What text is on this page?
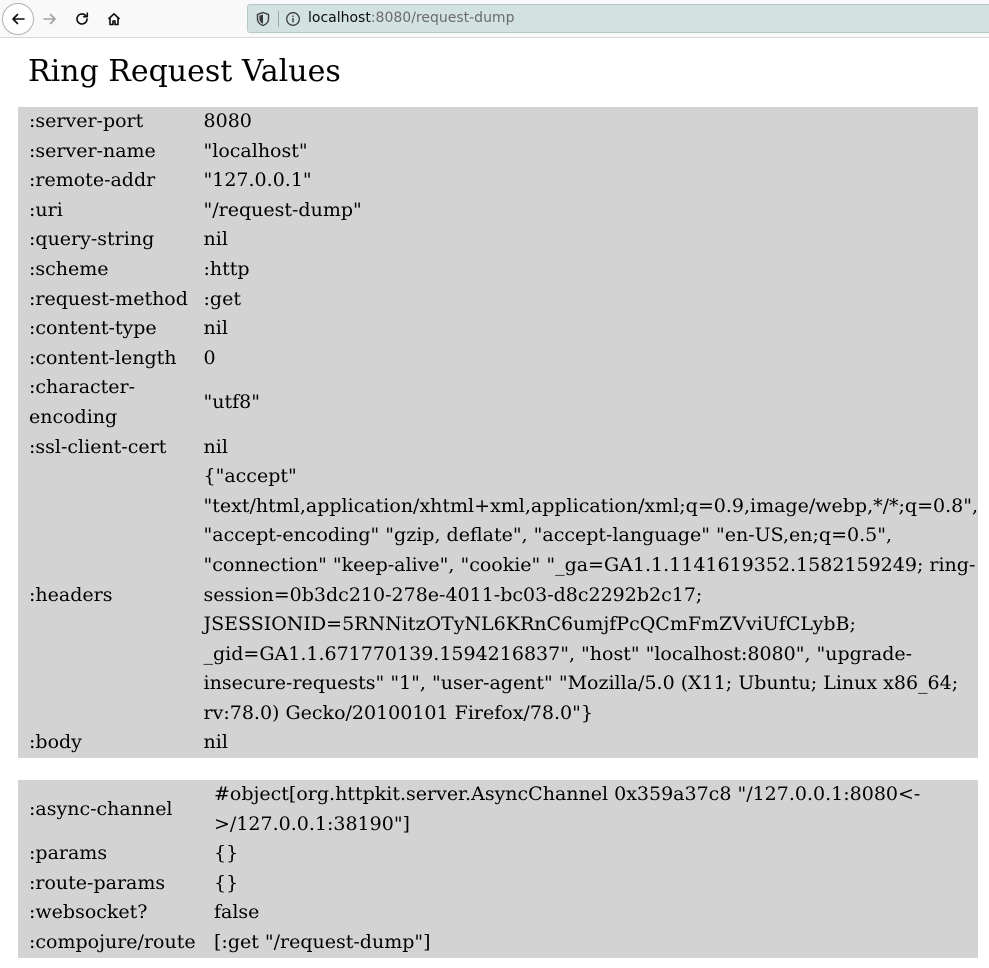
localhost:8080/request-dump
Ring Request Values
:server-port	8080
:server-name	"localhost"
:remote-addr	"127.0.0.1"
:uri	"/request-dump"
:query-string	nil
:scheme	:http
:request-method	:get
:content-type	nil
:content-length	0
:character-encoding	"utf8"
:ssl-client-cert	nil
:headers	{"accept" "text/html,application/xhtml+xml,application/xml;q=0.9,image/webp,*/*;q=0.8", "accept-encoding" "gzip, deflate", "accept-language" "en-US,en;q=0.5", "connection" "keep-alive", "cookie" "_ga=GA1.1.1141619352.1582159249; ring-session=0b3dc210-278e-4011-bc03-d8c2292b2c17; JSESSIONID=5RNNitzOTyNL6KRnC6umjfPcQCmFmZVviUfCLybB; _gid=GA1.1.671770139.1594216837", "host" "localhost:8080", "upgrade-insecure-requests" "1", "user-agent" "Mozilla/5.0 (X11; Ubuntu; Linux x86_64; rv:78.0) Gecko/20100101 Firefox/78.0"}
:body	nil
:async-channel	#object[org.httpkit.server.AsyncChannel 0x359a37c8 "/127.0.0.1:8080<->/127.0.0.1:38190"]
:params	{}
:route-params	{}
:websocket?	false
:compojure/route	[:get "/request-dump"]
